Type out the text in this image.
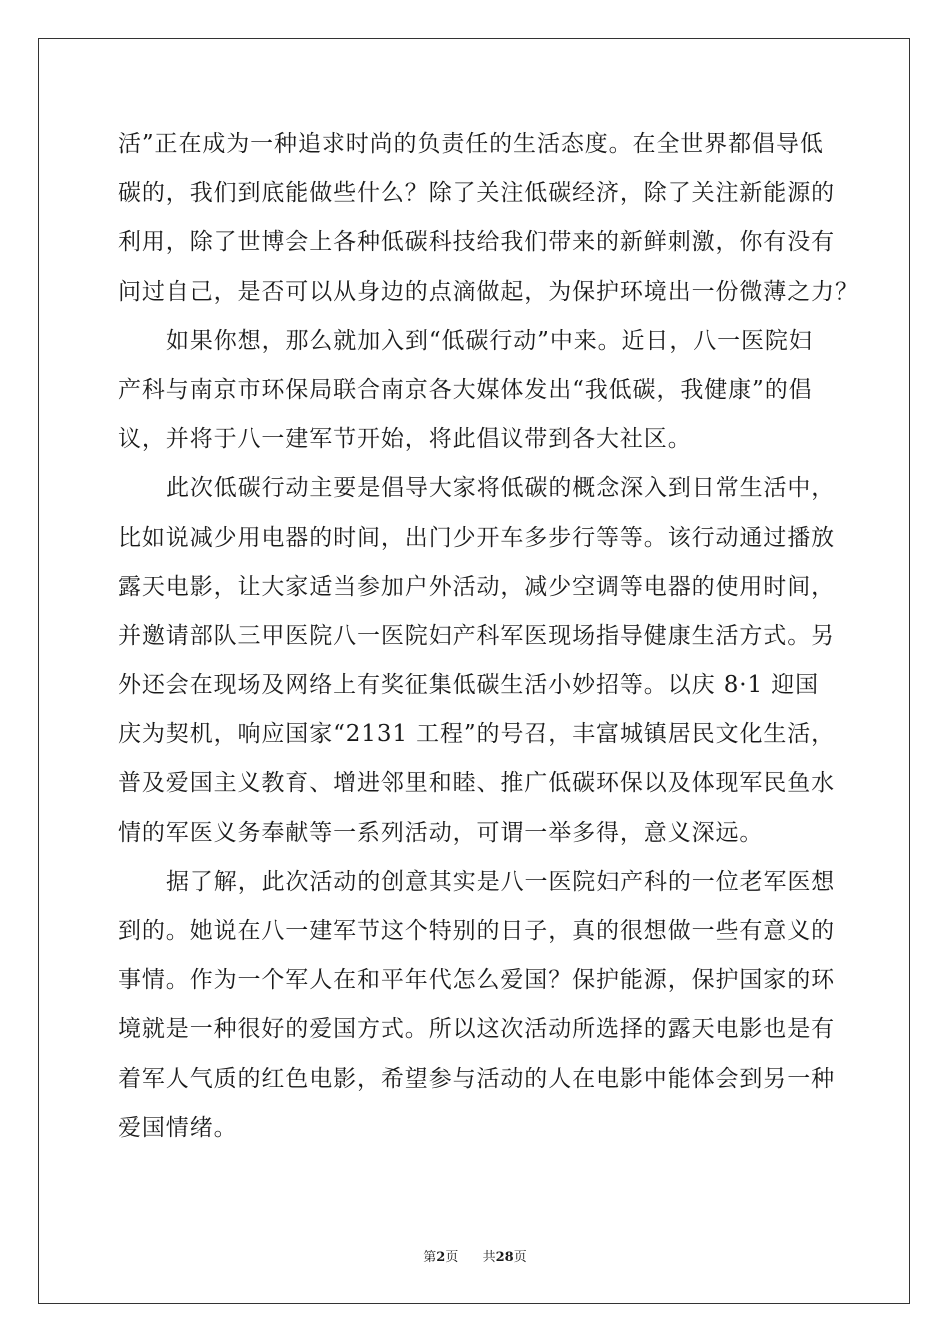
活”正在成为一种追求时尚的负责任的生活态度。在全世界都倡导低
碳的，我们到底能做些什么？除了关注低碳经济，除了关注新能源的
利用，除了世博会上各种低碳科技给我们带来的新鲜刺激，你有没有
问过自己，是否可以从身边的点滴做起，为保护环境出一份微薄之力？
如果你想，那么就加入到“低碳行动”中来。近日，八一医院妇
产科与南京市环保局联合南京各大媒体发出“我低碳，我健康”的倡
议，并将于八一建军节开始，将此倡议带到各大社区。
此次低碳行动主要是倡导大家将低碳的概念深入到日常生活中，
比如说减少用电器的时间，出门少开车多步行等等。该行动通过播放
露天电影，让大家适当参加户外活动，减少空调等电器的使用时间，
并邀请部队三甲医院八一医院妇产科军医现场指导健康生活方式。另
外还会在现场及网络上有奖征集低碳生活小妙招等。以庆 8·1 迎国
庆为契机，响应国家“2131 工程”的号召，丰富城镇居民文化生活，
普及爱国主义教育、增进邻里和睦、推广低碳环保以及体现军民鱼水
情的军医义务奉献等一系列活动，可谓一举多得，意义深远。
据了解，此次活动的创意其实是八一医院妇产科的一位老军医想
到的。她说在八一建军节这个特别的日子，真的很想做一些有意义的
事情。作为一个军人在和平年代怎么爱国？保护能源，保护国家的环
境就是一种很好的爱国方式。所以这次活动所选择的露天电影也是有
着军人气质的红色电影，希望参与活动的人在电影中能体会到另一种
爱国情绪。
第2页 共28页
